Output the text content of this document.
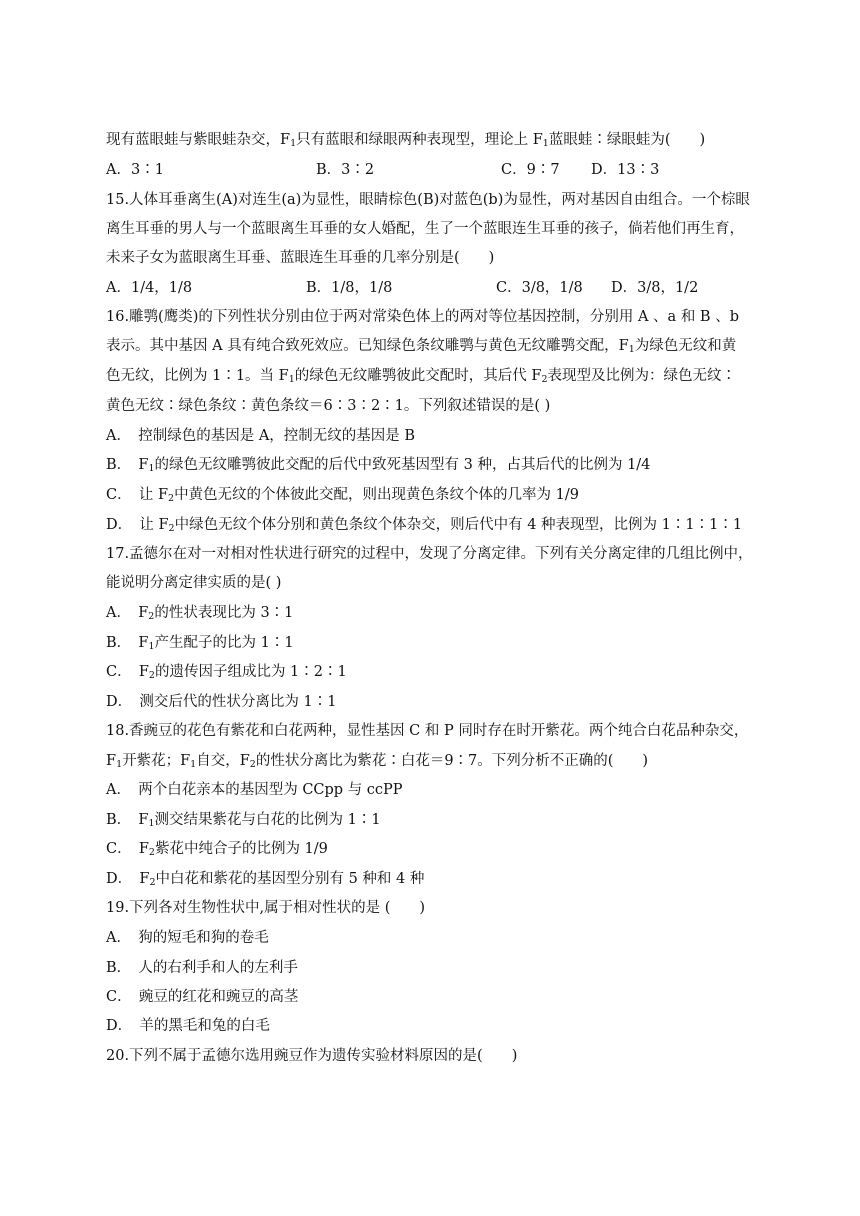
现有蓝眼蛙与紫眼蛙杂交，$F_1$只有蓝眼和绿眼两种表现型，理论上 $F_1$蓝眼蛙∶绿眼蛙为(　　)
A．3∶1	B．3∶2	C．9∶7 D．13∶3
15.人体耳垂离生(A)对连生(a)为显性，眼睛棕色(B)对蓝色(b)为显性，两对基因自由组合。一个棕眼
离生耳垂的男人与一个蓝眼离生耳垂的女人婚配，生了一个蓝眼连生耳垂的孩子，倘若他们再生育，
未来子女为蓝眼离生耳垂、蓝眼连生耳垂的几率分别是(　　)
A．1/4，1/8	B．1/8，1/8	C．3/8，1/8 D．3/8，1/2
16.雕鹗(鹰类)的下列性状分别由位于两对常染色体上的两对等位基因控制，分别用 A 、a 和 B 、b
表示。其中基因 A 具有纯合致死效应。已知绿色条纹雕鹗与黄色无纹雕鹗交配，$F_1$为绿色无纹和黄
色无纹，比例为 1∶1。当 $F_1$的绿色无纹雕鹗彼此交配时，其后代 $F_2$表现型及比例为：绿色无纹∶
黄色无纹∶绿色条纹∶黄色条纹＝6∶3∶2∶1。下列叙述错误的是( )
A．　控制绿色的基因是 A，控制无纹的基因是 B
B．　$F_1$的绿色无纹雕鹗彼此交配的后代中致死基因型有 3 种，占其后代的比例为 1/4
C．　让 $F_2$中黄色无纹的个体彼此交配，则出现黄色条纹个体的几率为 1/9
D．　让 $F_2$中绿色无纹个体分别和黄色条纹个体杂交，则后代中有 4 种表现型，比例为 1∶1∶1∶1
17.孟德尔在对一对相对性状进行研究的过程中，发现了分离定律。下列有关分离定律的几组比例中，
能说明分离定律实质的是( )
A．　$F_2$的性状表现比为 3∶1
B．　$F_1$产生配子的比为 1∶1
C．　$F_2$的遗传因子组成比为 1∶2∶1
D．　测交后代的性状分离比为 1∶1
18.香豌豆的花色有紫花和白花两种，显性基因 C 和 P 同时存在时开紫花。两个纯合白花品种杂交，
$F_1$开紫花；$F_1$自交，$F_2$的性状分离比为紫花∶白花＝9∶7。下列分析不正确的(　　)
A．　两个白花亲本的基因型为 CCpp 与 ccPP
B．　$F_1$测交结果紫花与白花的比例为 1∶1
C．　$F_2$紫花中纯合子的比例为 1/9
D．　$F_2$中白花和紫花的基因型分别有 5 种和 4 种
19.下列各对生物性状中,属于相对性状的是 (　　)
A．　狗的短毛和狗的卷毛
B．　人的右利手和人的左利手
C．　豌豆的红花和豌豆的高茎
D．　羊的黑毛和兔的白毛
20.下列不属于孟德尔选用豌豆作为遗传实验材料原因的是(　　)
